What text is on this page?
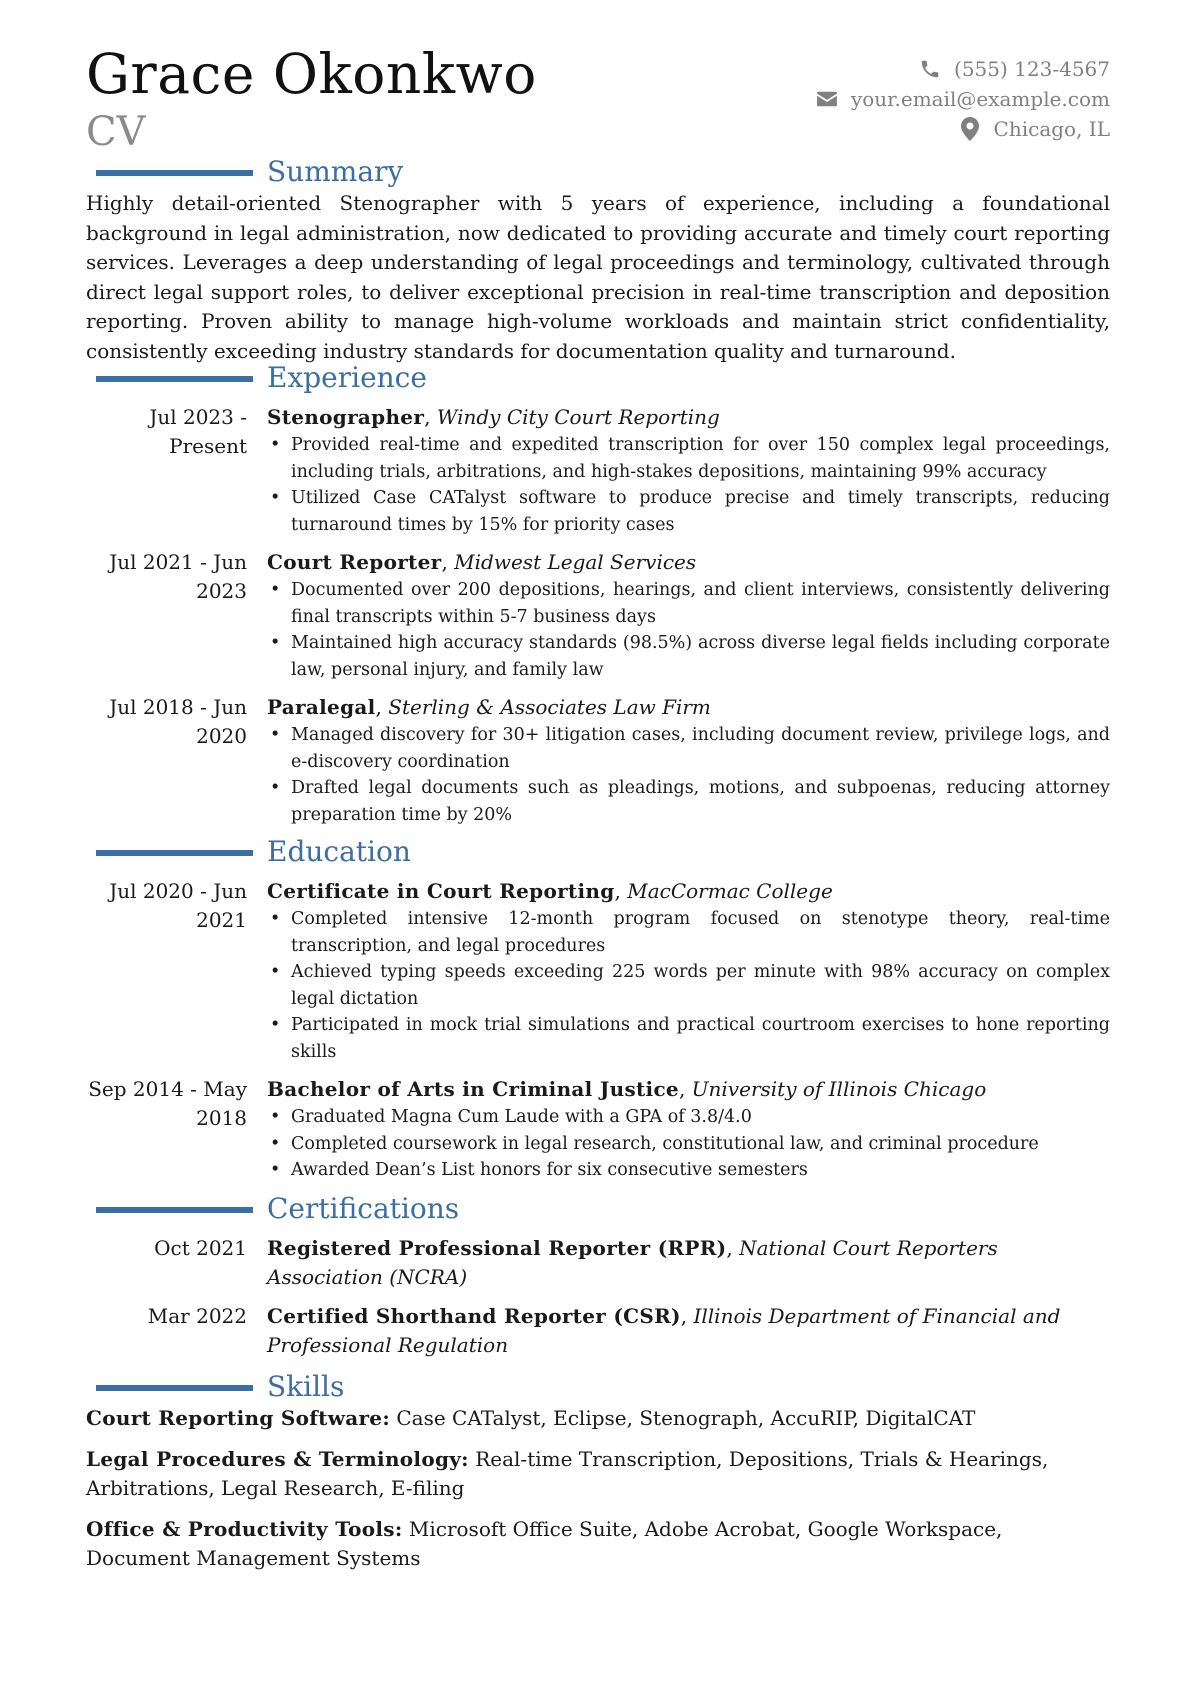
Grace Okonkwo
CV
(555) 123-4567
your.email@example.com
Chicago, IL
Summary

Highly detail-oriented Stenographer with 5 years of experience, including a foundational background in legal administration, now dedicated to providing accurate and timely court reporting services. Leverages a deep understanding of legal proceedings and terminology, cultivated through direct legal support roles, to deliver exceptional precision in real-time transcription and deposition reporting. Proven ability to manage high-volume workloads and maintain strict confidentiality, consistently exceeding industry standards for documentation quality and turnaround.

Experience
Jul 2023 - Present
Stenographer, Windy City Court Reporting
• Provided real-time and expedited transcription for over 150 complex legal proceedings, including trials, arbitrations, and high-stakes depositions, maintaining 99% accuracy
• Utilized Case CATalyst software to produce precise and timely transcripts, reducing turnaround times by 15% for priority cases
Jul 2021 - Jun 2023
Court Reporter, Midwest Legal Services
• Documented over 200 depositions, hearings, and client interviews, consistently delivering final transcripts within 5-7 business days
• Maintained high accuracy standards (98.5%) across diverse legal fields including corporate law, personal injury, and family law
Jul 2018 - Jun 2020
Paralegal, Sterling & Associates Law Firm
• Managed discovery for 30+ litigation cases, including document review, privilege logs, and e-discovery coordination
• Drafted legal documents such as pleadings, motions, and subpoenas, reducing attorney preparation time by 20%
Education
Jul 2020 - Jun 2021
Certificate in Court Reporting, MacCormac College
• Completed intensive 12-month program focused on stenotype theory, real-time transcription, and legal procedures
• Achieved typing speeds exceeding 225 words per minute with 98% accuracy on complex legal dictation
• Participated in mock trial simulations and practical courtroom exercises to hone reporting skills
Sep 2014 - May 2018
Bachelor of Arts in Criminal Justice, University of Illinois Chicago
• Graduated Magna Cum Laude with a GPA of 3.8/4.0
• Completed coursework in legal research, constitutional law, and criminal procedure
• Awarded Dean’s List honors for six consecutive semesters
Certifications
Oct 2021 Registered Professional Reporter (RPR), National Court Reporters Association (NCRA)
Mar 2022 Certified Shorthand Reporter (CSR), Illinois Department of Financial and Professional Regulation
Skills
Court Reporting Software: Case CATalyst, Eclipse, Stenograph, AccuRIP, DigitalCAT
Legal Procedures & Terminology: Real-time Transcription, Depositions, Trials & Hearings, Arbitrations, Legal Research, E-filing
Office & Productivity Tools: Microsoft Office Suite, Adobe Acrobat, Google Workspace, Document Management Systems
